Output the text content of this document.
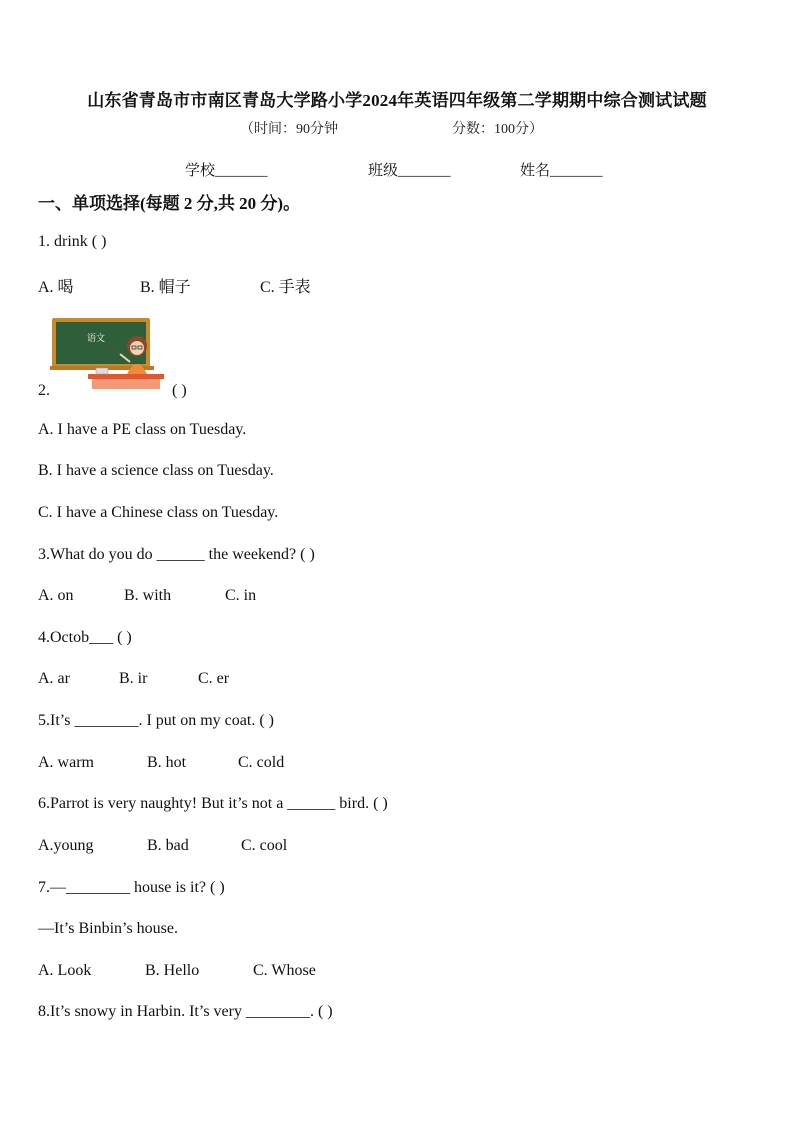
山东省青岛市市南区青岛大学路小学2024年英语四年级第二学期期中综合测试试题
（时间：90分钟	分数：100分）
学校_______	班级_______	姓名_______
一、单项选择(每题 2 分,共 20 分)。
1. drink ( )
A. 喝	B. 帽子	C. 手表
语文
2.	( )
A. I have a PE class on Tuesday.
B. I have a science class on Tuesday.
C. I have a Chinese class on Tuesday.
3.What do you do ______ the weekend? ( )
A. on	B. with	C. in
4.Octob___ ( )
A. ar	B. ir	C. er
5.It’s ________. I put on my coat. ( )
A. warm	B. hot	C. cold
6.Parrot is very naughty! But it’s not a ______ bird. ( )
A.young	B. bad	C. cool
7.—________ house is it? ( )
—It’s Binbin’s house.
A. Look	B. Hello	C. Whose
8.It’s snowy in Harbin. It’s very ________. ( )
